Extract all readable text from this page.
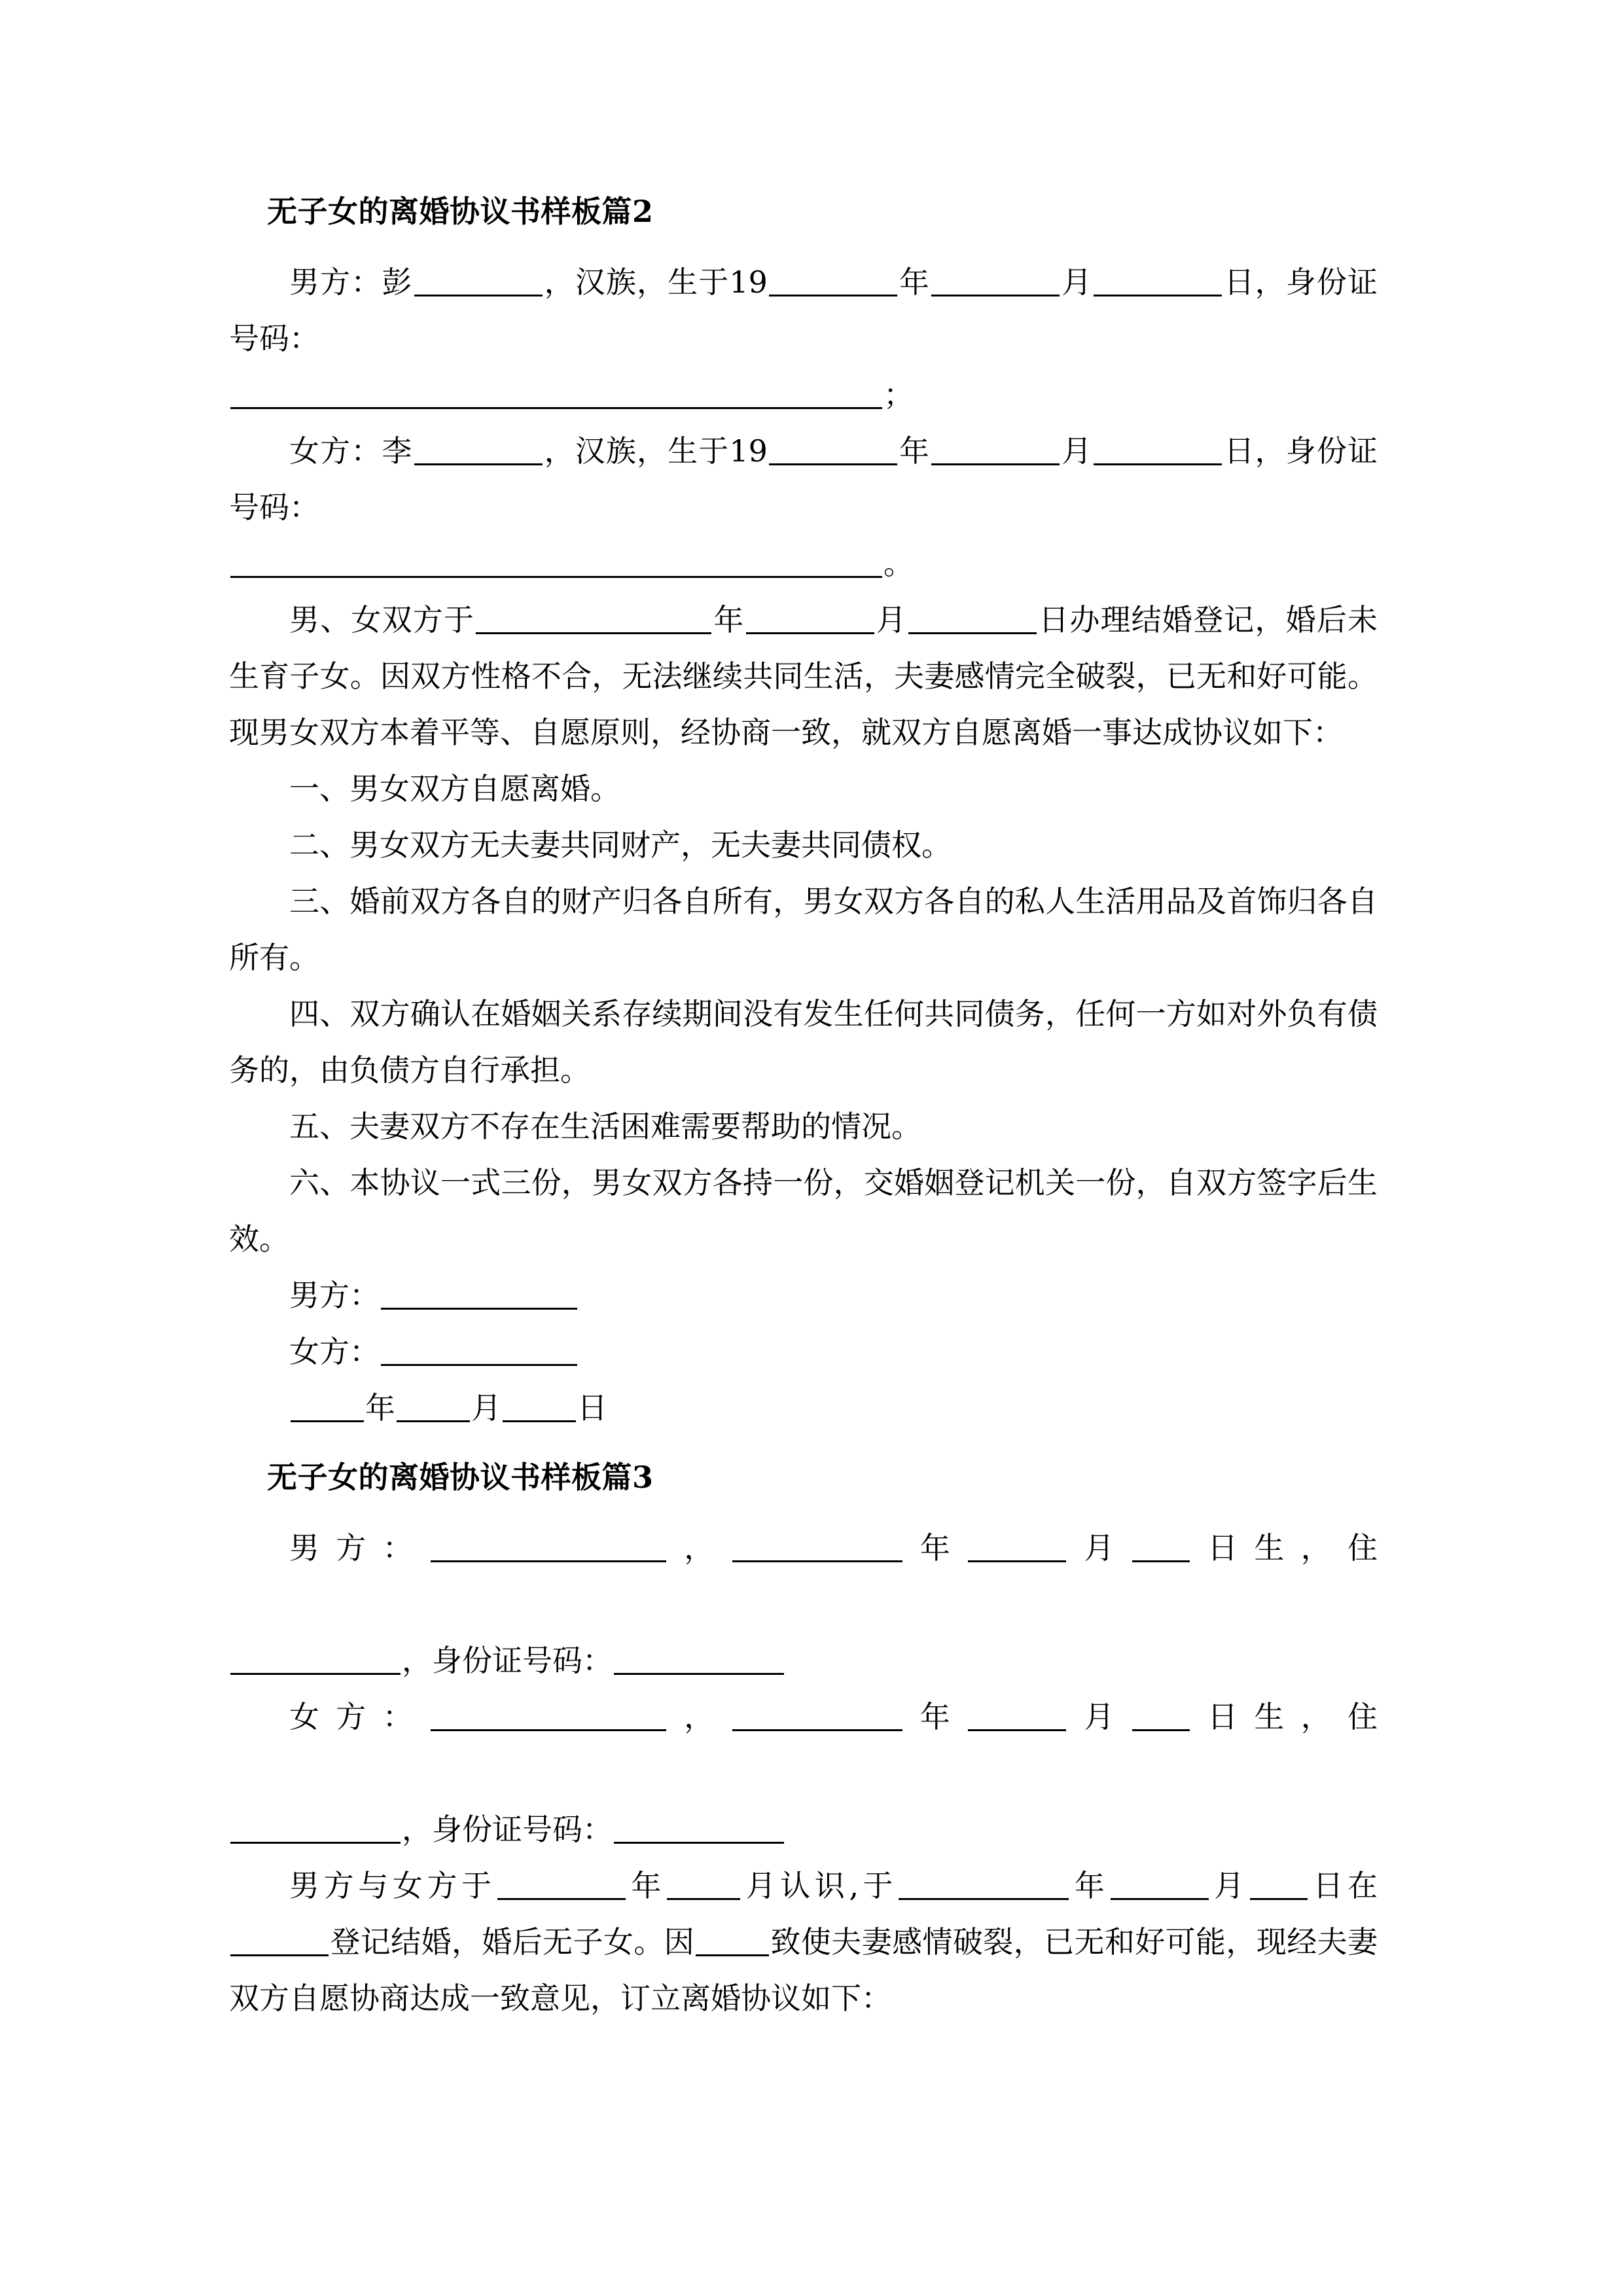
无子女的离婚协议书样板篇2

男方：彭	，汉族，生于19	年	月	日，身份证号码：

；

女方：李	，汉族，生于19	年	月	日，身份证号码：

。

男、女双方于	年	月	日办理结婚登记，婚后未生育子女。因双方性格不合，无法继续共同生活，夫妻感情完全破裂，已无和好可能。现男女双方本着平等、自愿原则，经协商一致，就双方自愿离婚一事达成协议如下：

一、男女双方自愿离婚。

二、男女双方无夫妻共同财产，无夫妻共同债权。

三、婚前双方各自的财产归各自所有，男女双方各自的私人生活用品及首饰归各自所有。

四、双方确认在婚姻关系存续期间没有发生任何共同债务，任何一方如对外负有债务的，由负债方自行承担。

五、夫妻双方不存在生活困难需要帮助的情况。

六、本协议一式三份，男女双方各持一份，交婚姻登记机关一份，自双方签字后生效。

男方：

女方：

年	月	日

无子女的离婚协议书样板篇3

男方：	，	年	月 日生，住

，身份证号码：

女方：	，	年	月 日生，住

，身份证号码：

男方与女方于	年	月认识,于	年	月 日在登记结婚，婚后无子女。因	致使夫妻感情破裂，已无和好可能，现经夫妻双方自愿协商达成一致意见，订立离婚协议如下：
